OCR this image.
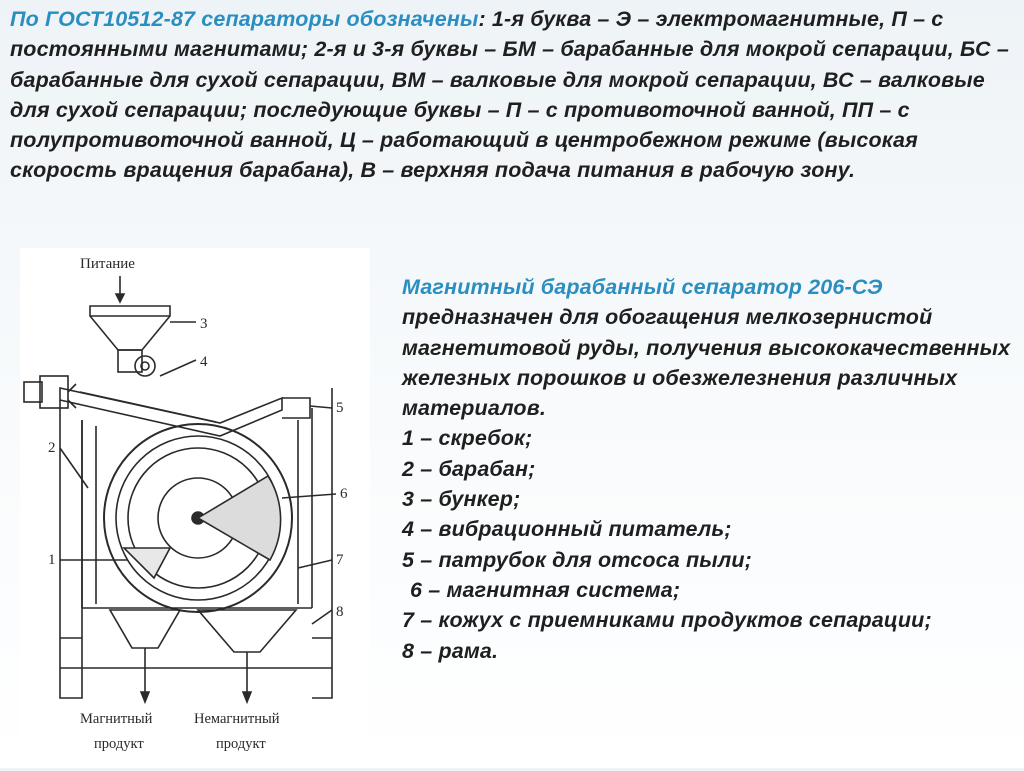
По ГОСТ10512-87 сепараторы обозначены: 1-я буква – Э – электромагнитные, П – с постоянными магнитами; 2-я и 3-я буквы – БМ – барабанные для мокрой сепарации, БС – барабанные для сухой сепарации, ВМ – валковые для мокрой сепарации, ВС – валковые для сухой сепарации; последующие буквы – П – с противоточной ванной, ПП – с полупротивоточной ванной, Ц – работающий в центробежном режиме (высокая скорость вращения барабана), В – верхняя подача питания в рабочую зону.

Питание
3
4
5
6
1
2
7
8
Магнитный
продукт
Немагнитный
продукт
Магнитный барабанный сепаратор 206-СЭ предназначен для обогащения мелкозернистой магнетитовой руды, получения высококачественных железных порошков и обезжелезнения различных материалов.
1 – скребок;
2 – барабан;
3 – бункер;
4 – вибрационный питатель;
5 – патрубок для отсоса пыли;
6 – магнитная система;
7 – кожух с приемниками продуктов сепарации;
8 – рама.
